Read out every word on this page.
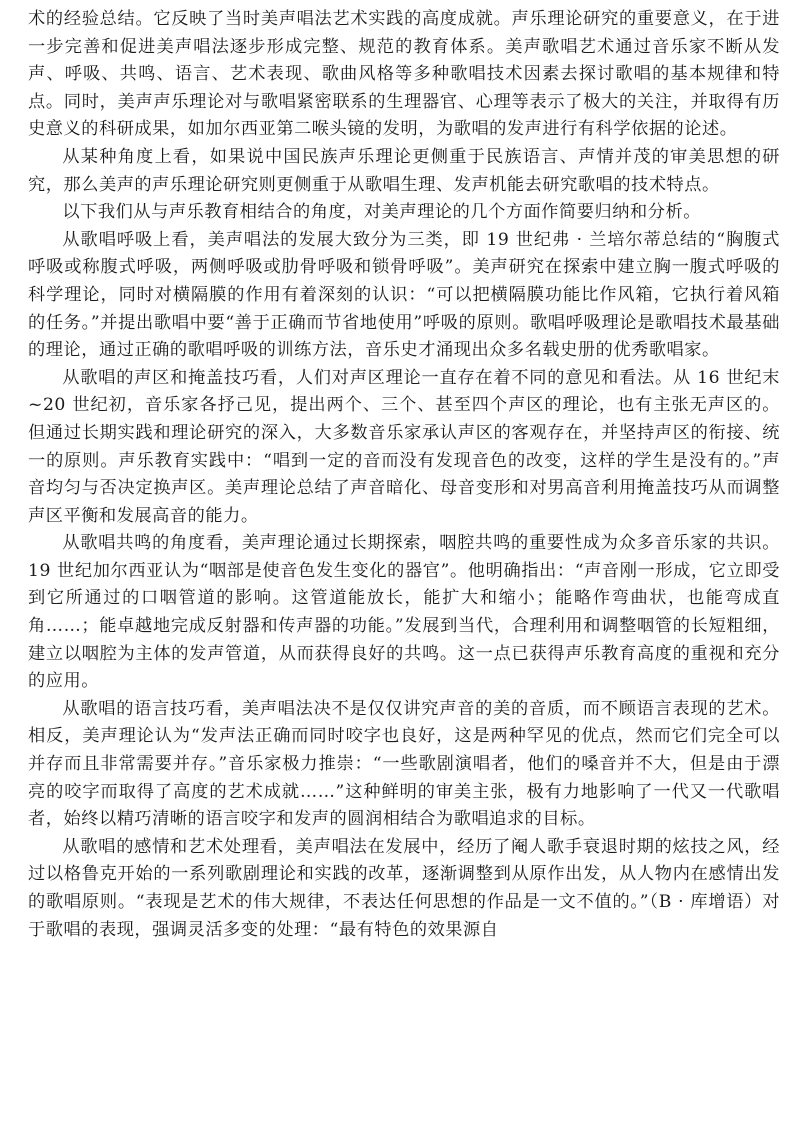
术的经验总结。它反映了当时美声唱法艺术实践的高度成就。声乐理论研究的重要意义，在于进一步完善和促进美声唱法逐步形成完整、规范的教育体系。美声歌唱艺术通过音乐家不断从发声、呼吸、共鸣、语言、艺术表现、歌曲风格等多种歌唱技术因素去探讨歌唱的基本规律和特点。同时，美声声乐理论对与歌唱紧密联系的生理器官、心理等表示了极大的关注，并取得有历史意义的科研成果，如加尔西亚第二喉头镜的发明，为歌唱的发声进行有科学依据的论述。

从某种角度上看，如果说中国民族声乐理论更侧重于民族语言、声情并茂的审美思想的研究，那么美声的声乐理论研究则更侧重于从歌唱生理、发声机能去研究歌唱的技术特点。

以下我们从与声乐教育相结合的角度，对美声理论的几个方面作简要归纳和分析。

从歌唱呼吸上看，美声唱法的发展大致分为三类，即 19 世纪弗 · 兰培尔蒂总结的“胸腹式呼吸或称腹式呼吸，两侧呼吸或肋骨呼吸和锁骨呼吸”。美声研究在探索中建立胸一腹式呼吸的科学理论，同时对横隔膜的作用有着深刻的认识：“可以把横隔膜功能比作风箱，它执行着风箱的任务。”并提出歌唱中要“善于正确而节省地使用”呼吸的原则。歌唱呼吸理论是歌唱技术最基础的理论，通过正确的歌唱呼吸的训练方法，音乐史才涌现出众多名载史册的优秀歌唱家。

从歌唱的声区和掩盖技巧看，人们对声区理论一直存在着不同的意见和看法。从 16 世纪末 ~20 世纪初，音乐家各抒己见，提出两个、三个、甚至四个声区的理论，也有主张无声区的。但通过长期实践和理论研究的深入，大多数音乐家承认声区的客观存在，并坚持声区的衔接、统一的原则。声乐教育实践中：“唱到一定的音而没有发现音色的改变，这样的学生是没有的。”声音均匀与否决定换声区。美声理论总结了声音暗化、母音变形和对男高音利用掩盖技巧从而调整声区平衡和发展高音的能力。

从歌唱共鸣的角度看，美声理论通过长期探索，咽腔共鸣的重要性成为众多音乐家的共识。19 世纪加尔西亚认为“咽部是使音色发生变化的器官”。他明确指出：“声音刚一形成，它立即受到它所通过的口咽管道的影响。这管道能放长，能扩大和缩小；能略作弯曲状，也能弯成直角……；能卓越地完成反射器和传声器的功能。”发展到当代，合理利用和调整咽管的长短粗细，建立以咽腔为主体的发声管道，从而获得良好的共鸣。这一点已获得声乐教育高度的重视和充分的应用。

从歌唱的语言技巧看，美声唱法决不是仅仅讲究声音的美的音质，而不顾语言表现的艺术。相反，美声理论认为“发声法正确而同时咬字也良好，这是两种罕见的优点，然而它们完全可以并存而且非常需要并存。”音乐家极力推崇：“一些歌剧演唱者，他们的嗓音并不大，但是由于漂亮的咬字而取得了高度的艺术成就……”这种鲜明的审美主张，极有力地影响了一代又一代歌唱者，始终以精巧清晰的语言咬字和发声的圆润相结合为歌唱追求的目标。

从歌唱的感情和艺术处理看，美声唱法在发展中，经历了阉人歌手衰退时期的炫技之风，经过以格鲁克开始的一系列歌剧理论和实践的改革，逐渐调整到从原作出发，从人物内在感情出发的歌唱原则。“表现是艺术的伟大规律，不表达任何思想的作品是一文不值的。”（B · 库增语）对于歌唱的表现，强调灵活多变的处理：“最有特色的效果源自
